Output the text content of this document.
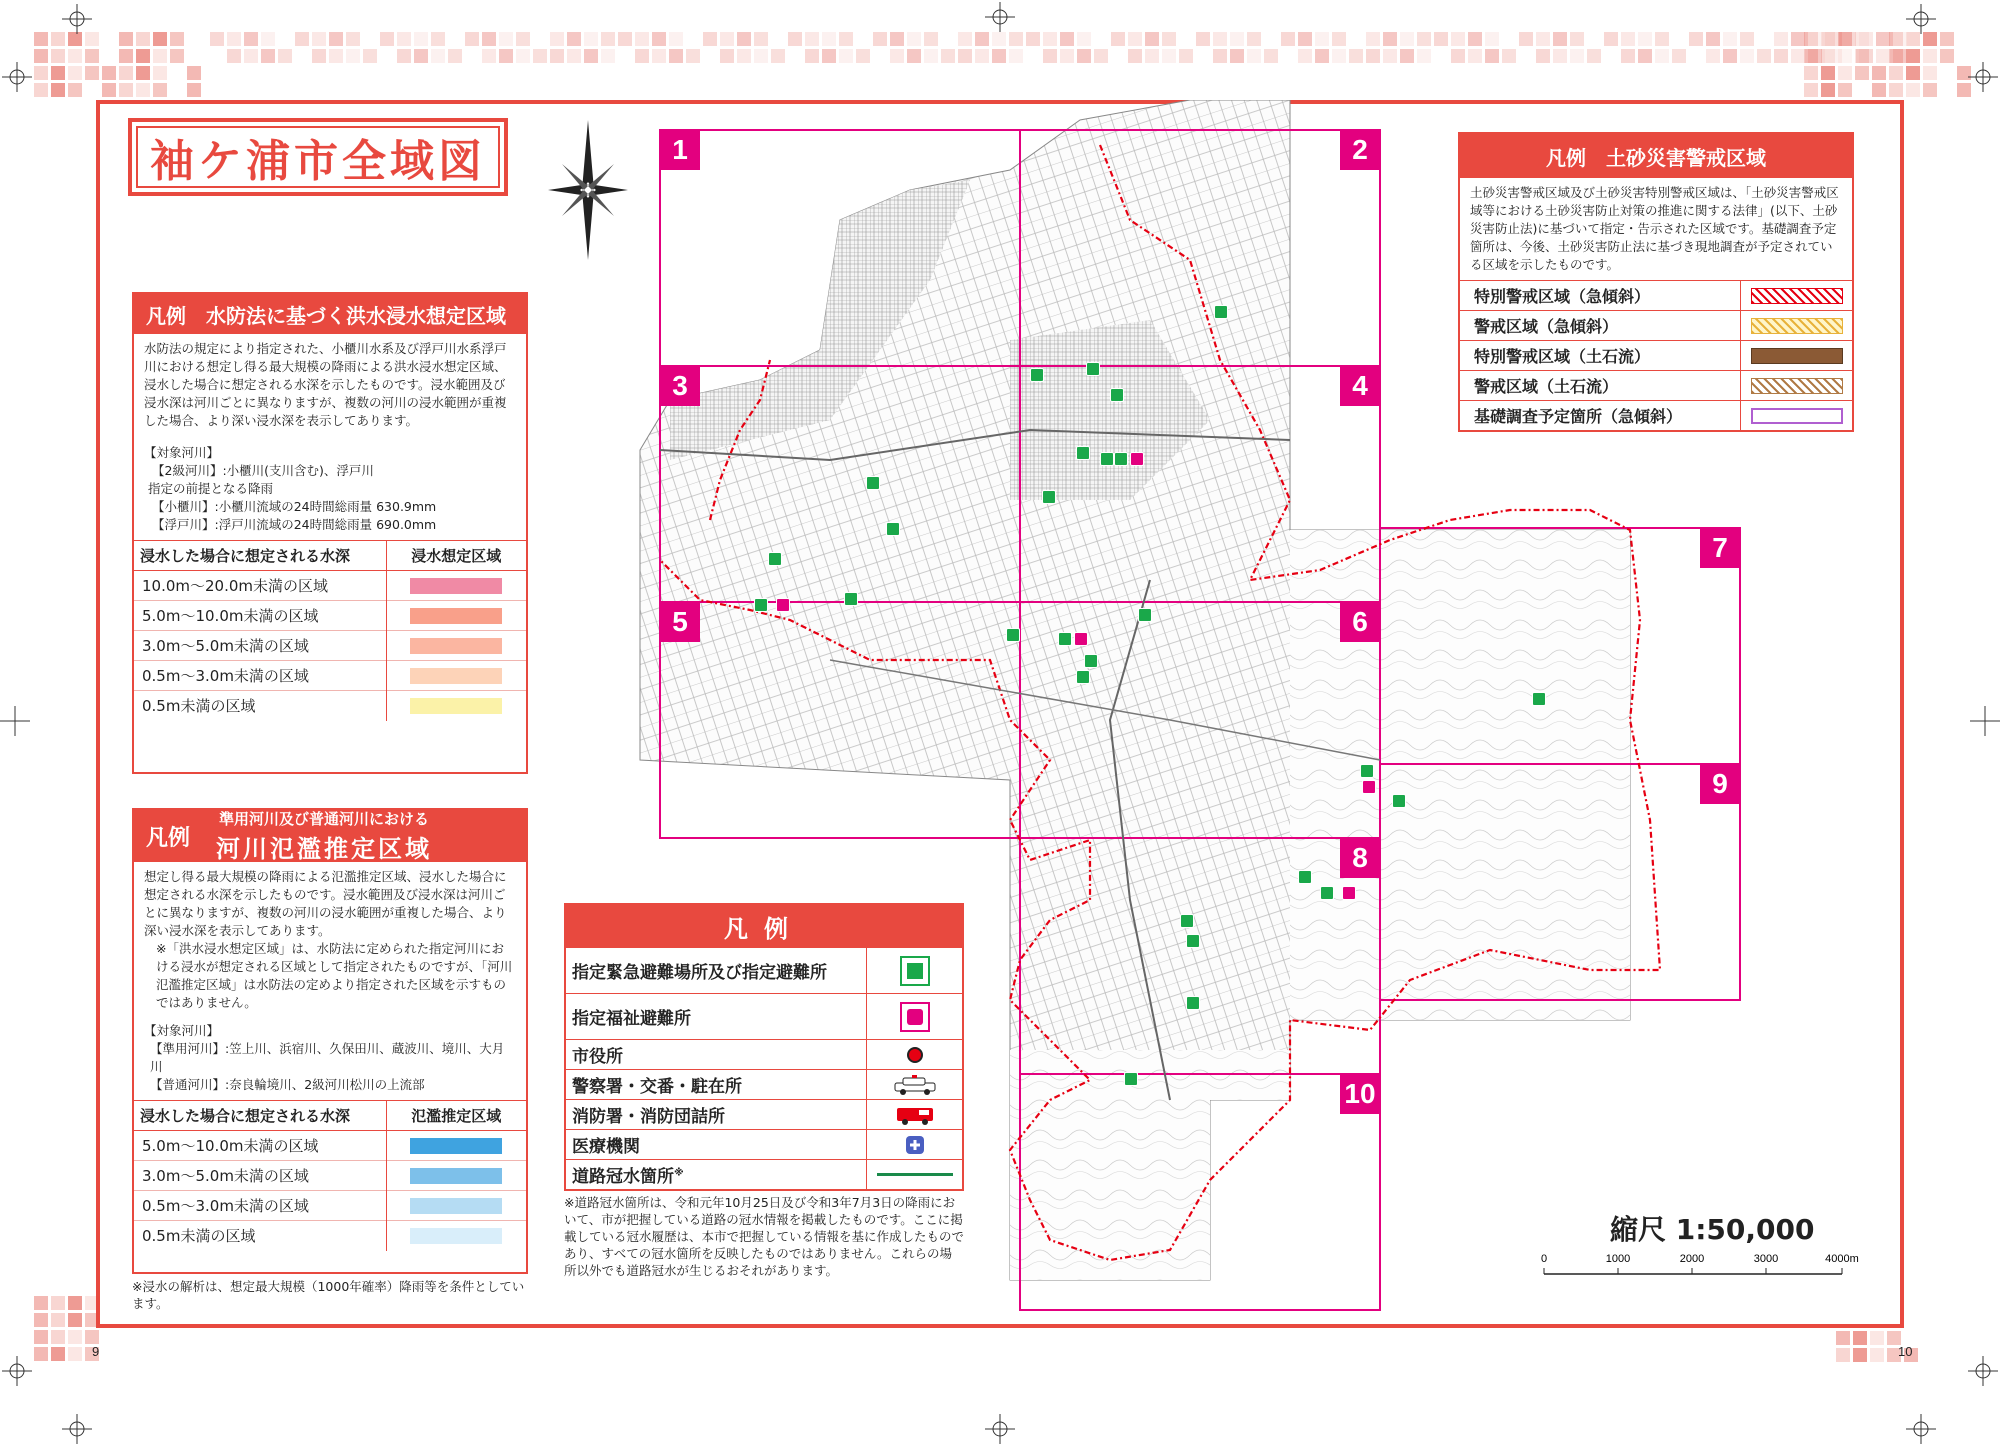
袖ケ浦市全域図
凡例　水防法に基づく洪水浸水想定区域
水防法の規定により指定された、小櫃川水系及び浮戸川水系浮戸川における想定し得る最大規模の降雨による洪水浸水想定区域、浸水した場合に想定される水深を示したものです。浸水範囲及び浸水深は河川ごとに異なりますが、複数の河川の浸水範囲が重複した場合、より深い浸水深を表示してあります。
【対象河川】
【2級河川】:小櫃川(支川含む)、浮戸川
指定の前提となる降雨
【小櫃川】:小櫃川流域の24時間総雨量 630.9mm
【浮戸川】:浮戸川流域の24時間総雨量 690.0mm
浸水した場合に想定される水深	浸水想定区域
10.0m～20.0m未満の区域	

5.0m～10.0m未満の区域	

3.0m～5.0m未満の区域	

0.5m～3.0m未満の区域	

0.5m未満の区域	
凡例
準用河川及び普通河川における
河川氾濫推定区域
想定し得る最大規模の降雨による氾濫推定区域、浸水した場合に想定される水深を示したものです。浸水範囲及び浸水深は河川ごとに異なりますが、複数の河川の浸水範囲が重複した場合、より深い浸水深を表示してあります。
※「洪水浸水想定区域」は、水防法に定められた指定河川における浸水が想定される区域として指定されたものですが、「河川氾濫推定区域」は水防法の定めより指定された区域を示すものではありません。
【対象河川】
【準用河川】:笠上川、浜宿川、久保田川、蔵波川、境川、大月川
【普通河川】:奈良輪境川、2級河川松川の上流部
浸水した場合に想定される水深	氾濫推定区域
5.0m～10.0m未満の区域	

3.0m～5.0m未満の区域	

0.5m～3.0m未満の区域	

0.5m未満の区域	
※浸水の解析は、想定最大規模（1000年確率）降雨等を条件としています。
1	2
3	4
5	6
7
8
9
10
凡例
指定緊急避難場所及び指定避難所
指定福祉避難所
市役所
警察署・交番・駐在所
消防署・消防団詰所
医療機関
道路冠水箇所※
※道路冠水箇所は、令和元年10月25日及び令和3年7月3日の降雨において、市が把握している道路の冠水情報を掲載したものです。ここに掲載している冠水履歴は、本市で把握している情報を基に作成したものであり、すべての冠水箇所を反映したものではありません。これらの場所以外でも道路冠水が生じるおそれがあります。
凡例　土砂災害警戒区域
土砂災害警戒区域及び土砂災害特別警戒区域は、「土砂災害警戒区域等における土砂災害防止対策の推進に関する法律」(以下、土砂災害防止法)に基づいて指定・告示された区域です。基礎調査予定箇所は、今後、土砂災害防止法に基づき現地調査が予定されている区域を示したものです。
特別警戒区域（急傾斜）
警戒区域（急傾斜）
特別警戒区域（土石流）
警戒区域（土石流）
基礎調査予定箇所（急傾斜）
縮尺 1:50,000
0	1000	2000	3000	4000m
9	10
